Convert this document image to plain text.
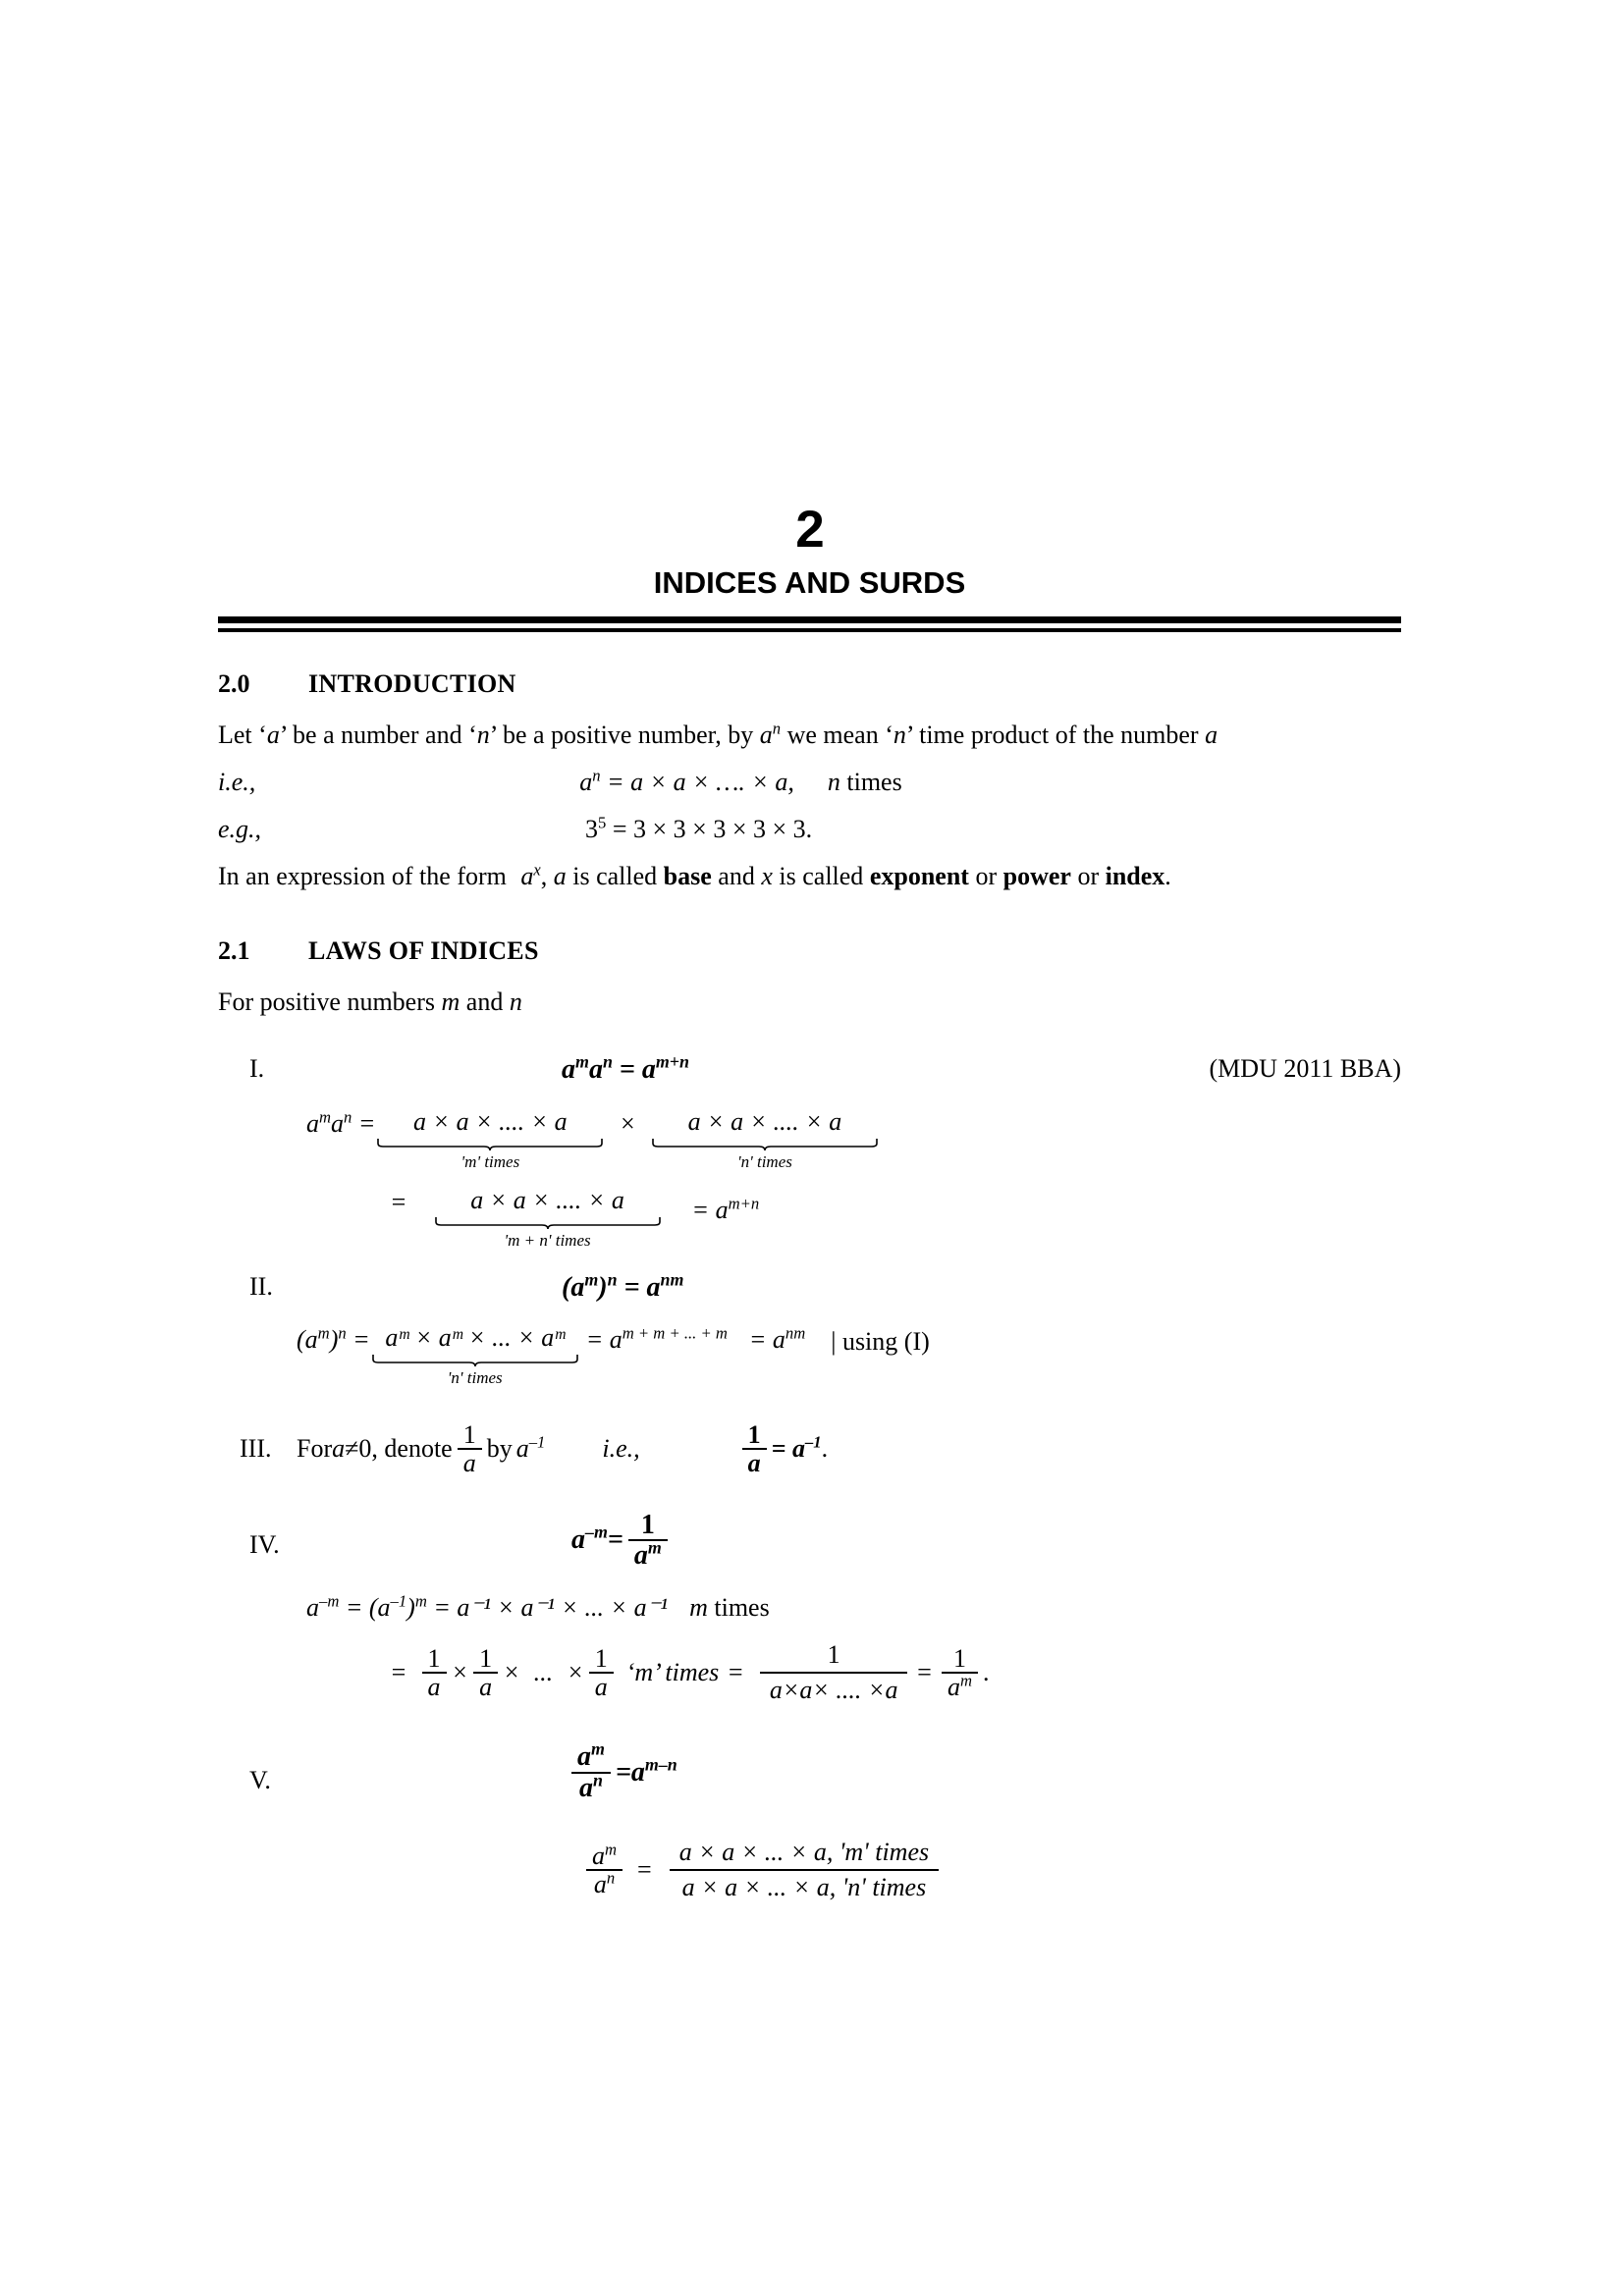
2
INDICES AND SURDS
2.0	INTRODUCTION
Let ‘a’ be a number and ‘n’ be a positive number, by $a^n$ we mean ‘n’ time product of the number a
i.e.,	$a^n = a \times a$ × …. × a, n times
e.g.,	$3^5 = 3 \times 3 \times 3 \times 3 \times 3$.
In an expression of the form $a^x$, a is called base and x is called exponent or power or index.
2.1	LAWS OF INDICES
For positive numbers m and n
I.	$a^ma^n = a^{m+n}$	(MDU 2011 BBA)
$a^ma^n = a \times a$ × .... × a
'm' times
×	a × a × .... × a
'n' times
=	a × a × .... × a
'm + n' times
= $a^{m+n}$
II.	$(a^m)^n = a^{nm}$
$(a^m)^n$ = aᵐ × aᵐ × ... × aᵐ
'n' times
= $a^{m + m + ... + m} = a^{nm}$	| using (I)
III. For a ≠ 0, denote $\frac{1}{a}$ by $a^{-1}$	i.e.,	$\frac{1}{a} = a^{-1}$ .
IV.	$a^{-m} = \frac{1}{a^m}$
$a^{-m} = (a^{-1})^m = a^{-1} \times a^{-1}$ × ... × a⁻¹ m times
= $\frac{1}{a} \times \frac{1}{a}$ × ... × $\frac{1}{a}$ ‘m’ times = $\frac{1}{a\times a\times .... \times a} = \frac{1}{a^m}$ .
V.	$\frac{a^m}{a^n} = a^{m-n}$
$\frac{a^m}{a^n} = \frac{\text{a × a × ... × a, 'm' times}}{\text{a × a × ... × a, 'n' times}}$
